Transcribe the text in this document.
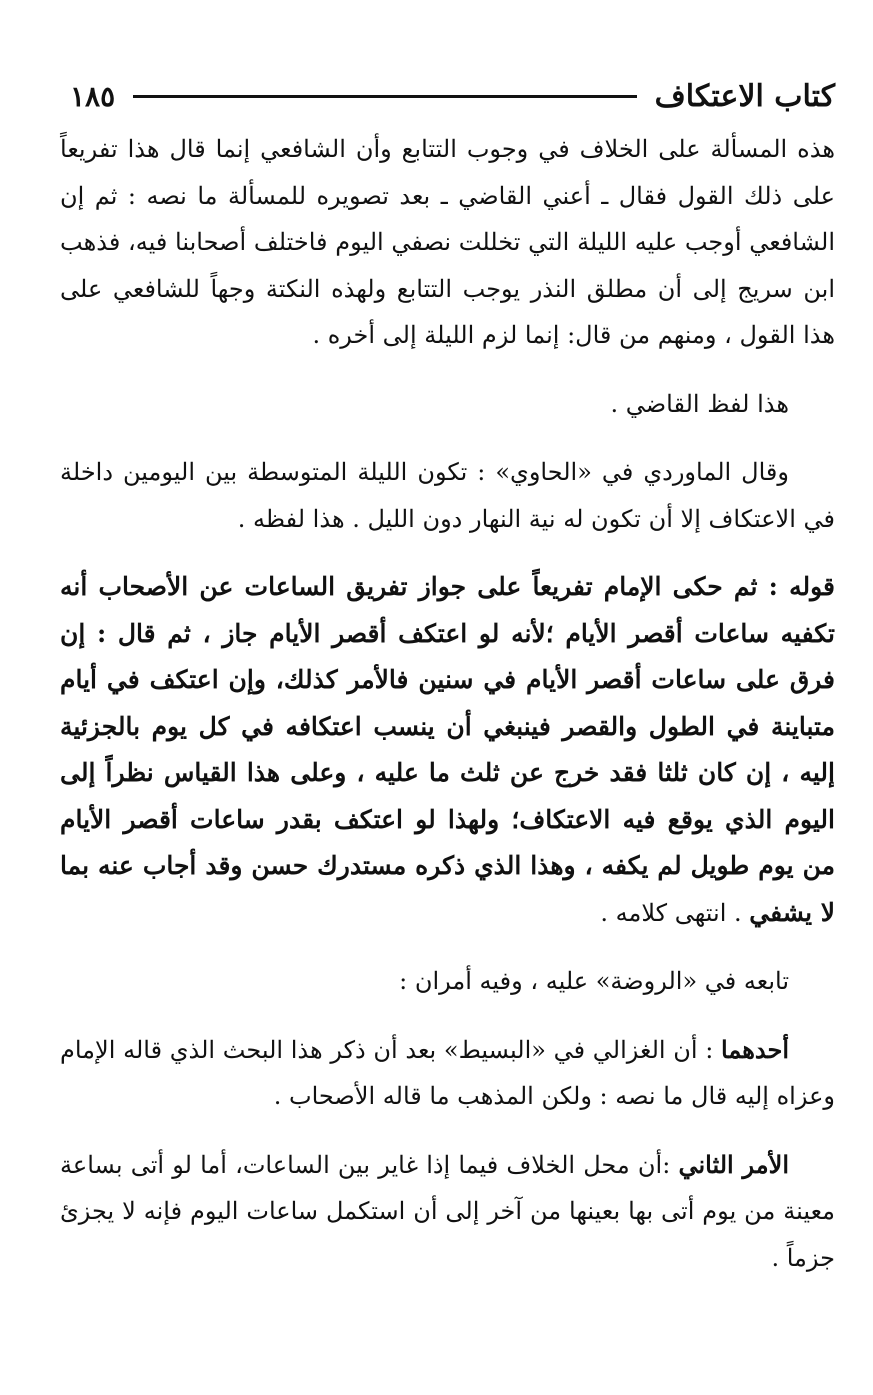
كتاب الاعتكاف
١٨٥

هذه المسألة على الخلاف في وجوب التتابع وأن الشافعي إنما قال هذا تفريعاً على ذلك القول فقال ـ أعني القاضي ـ بعد تصويره للمسألة ما نصه : ثم إن الشافعي أوجب عليه الليلة التي تخللت نصفي اليوم فاختلف أصحابنا فيه، فذهب ابن سريج إلى أن مطلق النذر يوجب التتابع ولهذه النكتة وجهاً للشافعي على هذا القول ، ومنهم من قال: إنما لزم الليلة إلى أخره .

هذا لفظ القاضي .

وقال الماوردي في «الحاوي» : تكون الليلة المتوسطة بين اليومين داخلة في الاعتكاف إلا أن تكون له نية النهار دون الليل . هذا لفظه .

قوله : ثم حكى الإمام تفريعاً على جواز تفريق الساعات عن الأصحاب أنه تكفيه ساعات أقصر الأيام ؛لأنه لو اعتكف أقصر الأيام جاز ، ثم قال : إن فرق على ساعات أقصر الأيام في سنين فالأمر كذلك، وإن اعتكف في أيام متباينة في الطول والقصر فينبغي أن ينسب اعتكافه في كل يوم بالجزئية إليه ، إن كان ثلثا فقد خرج عن ثلث ما عليه ، وعلى هذا القياس نظراً إلى اليوم الذي يوقع فيه الاعتكاف؛ ولهذا لو اعتكف بقدر ساعات أقصر الأيام من يوم طويل لم يكفه ، وهذا الذي ذكره مستدرك حسن وقد أجاب عنه بما لا يشفي . انتهى كلامه .

تابعه في «الروضة» عليه ، وفيه أمران :

أحدهما : أن الغزالي في «البسيط» بعد أن ذكر هذا البحث الذي قاله الإمام وعزاه إليه قال ما نصه : ولكن المذهب ما قاله الأصحاب .

الأمر الثاني :أن محل الخلاف فيما إذا غاير بين الساعات، أما لو أتى بساعة معينة من يوم أتى بها بعينها من آخر إلى أن استكمل ساعات اليوم فإنه لا يجزئ جزماً .
